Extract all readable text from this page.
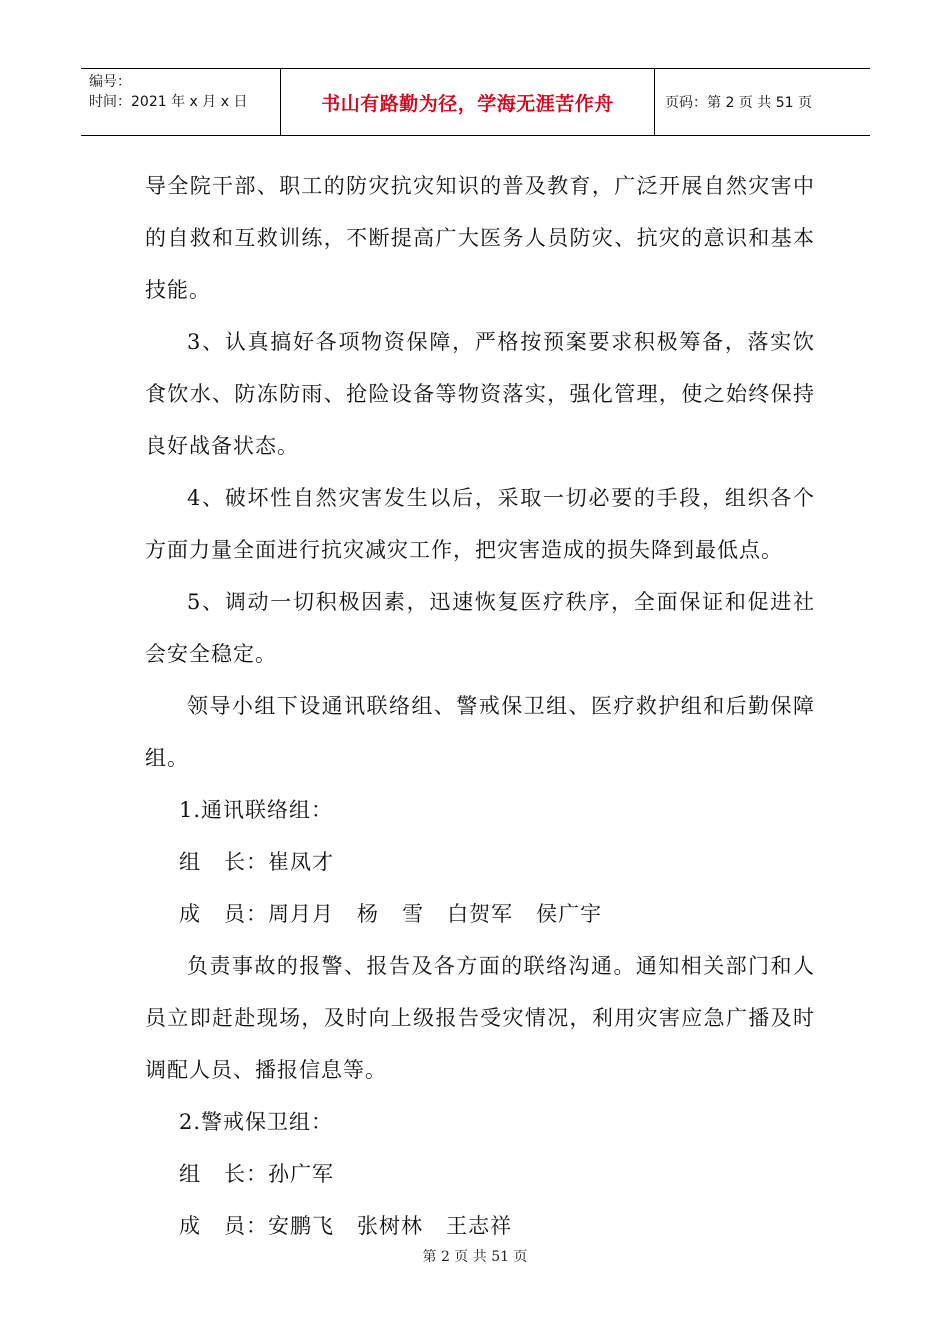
编号：
时间：2021 年 x 月 x 日	书山有路勤为径，学海无涯苦作舟	页码：第 2 页 共 51 页

导全院干部、职工的防灾抗灾知识的普及教育，广泛开展自然灾害中的自救和互救训练，不断提高广大医务人员防灾、抗灾的意识和基本技能。

3、认真搞好各项物资保障，严格按预案要求积极筹备，落实饮食饮水、防冻防雨、抢险设备等物资落实，强化管理，使之始终保持良好战备状态。

4、破坏性自然灾害发生以后，采取一切必要的手段，组织各个方面力量全面进行抗灾减灾工作，把灾害造成的损失降到最低点。

5、调动一切积极因素，迅速恢复医疗秩序，全面保证和促进社会安全稳定。

领导小组下设通讯联络组、警戒保卫组、医疗救护组和后勤保障组。

1.通讯联络组：

组   长：崔凤才

成   员：周月月   杨   雪   白贺军   侯广宇

负责事故的报警、报告及各方面的联络沟通。通知相关部门和人员立即赶赴现场，及时向上级报告受灾情况，利用灾害应急广播及时调配人员、播报信息等。

2.警戒保卫组：

组   长：孙广军

成   员：安鹏飞   张树林   王志祥

第 2 页 共 51 页
